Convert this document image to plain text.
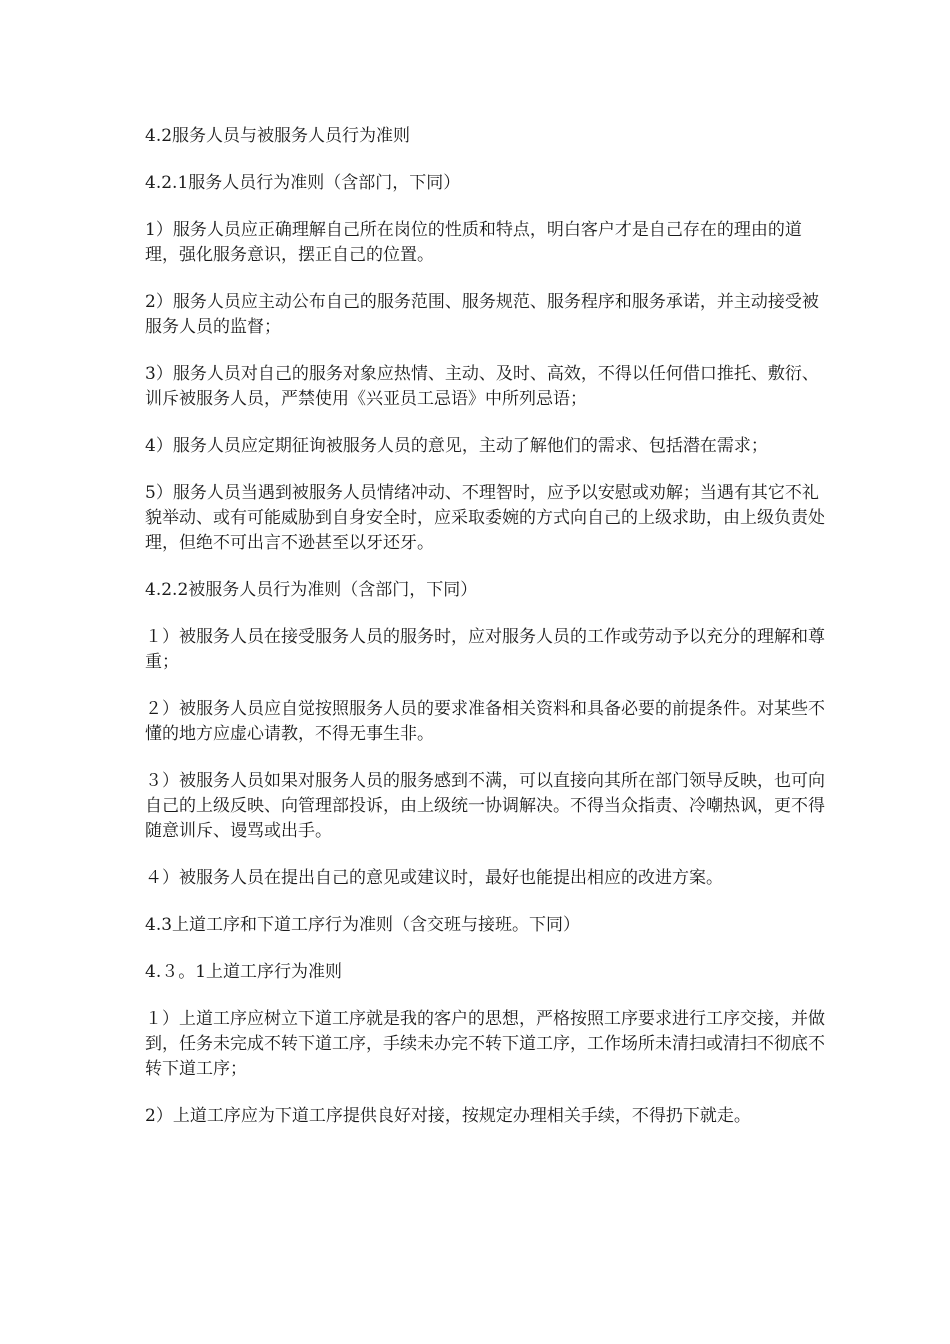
4.2服务人员与被服务人员行为准则

4.2.1服务人员行为准则（含部门，下同）

1）服务人员应正确理解自己所在岗位的性质和特点，明白客户才是自己存在的理由的道理，强化服务意识，摆正自己的位置。

2）服务人员应主动公布自己的服务范围、服务规范、服务程序和服务承诺，并主动接受被服务人员的监督；

3）服务人员对自己的服务对象应热情、主动、及时、高效，不得以任何借口推托、敷衍、训斥被服务人员，严禁使用《兴亚员工忌语》中所列忌语；

4）服务人员应定期征询被服务人员的意见，主动了解他们的需求、包括潜在需求；

5）服务人员当遇到被服务人员情绪冲动、不理智时，应予以安慰或劝解；当遇有其它不礼貌举动、或有可能威胁到自身安全时，应采取委婉的方式向自己的上级求助，由上级负责处理，但绝不可出言不逊甚至以牙还牙。

4.2.2被服务人员行为准则（含部门，下同）

１）被服务人员在接受服务人员的服务时，应对服务人员的工作或劳动予以充分的理解和尊重；

２）被服务人员应自觉按照服务人员的要求准备相关资料和具备必要的前提条件。对某些不懂的地方应虚心请教，不得无事生非。

３）被服务人员如果对服务人员的服务感到不满，可以直接向其所在部门领导反映，也可向自己的上级反映、向管理部投诉，由上级统一协调解决。不得当众指责、冷嘲热讽，更不得随意训斥、谩骂或出手。

４）被服务人员在提出自己的意见或建议时，最好也能提出相应的改进方案。

4.3上道工序和下道工序行为准则（含交班与接班。下同）

4.３。1上道工序行为准则

１）上道工序应树立下道工序就是我的客户的思想，严格按照工序要求进行工序交接，并做到，任务未完成不转下道工序，手续未办完不转下道工序，工作场所未清扫或清扫不彻底不转下道工序；

2）上道工序应为下道工序提供良好对接，按规定办理相关手续，不得扔下就走。
